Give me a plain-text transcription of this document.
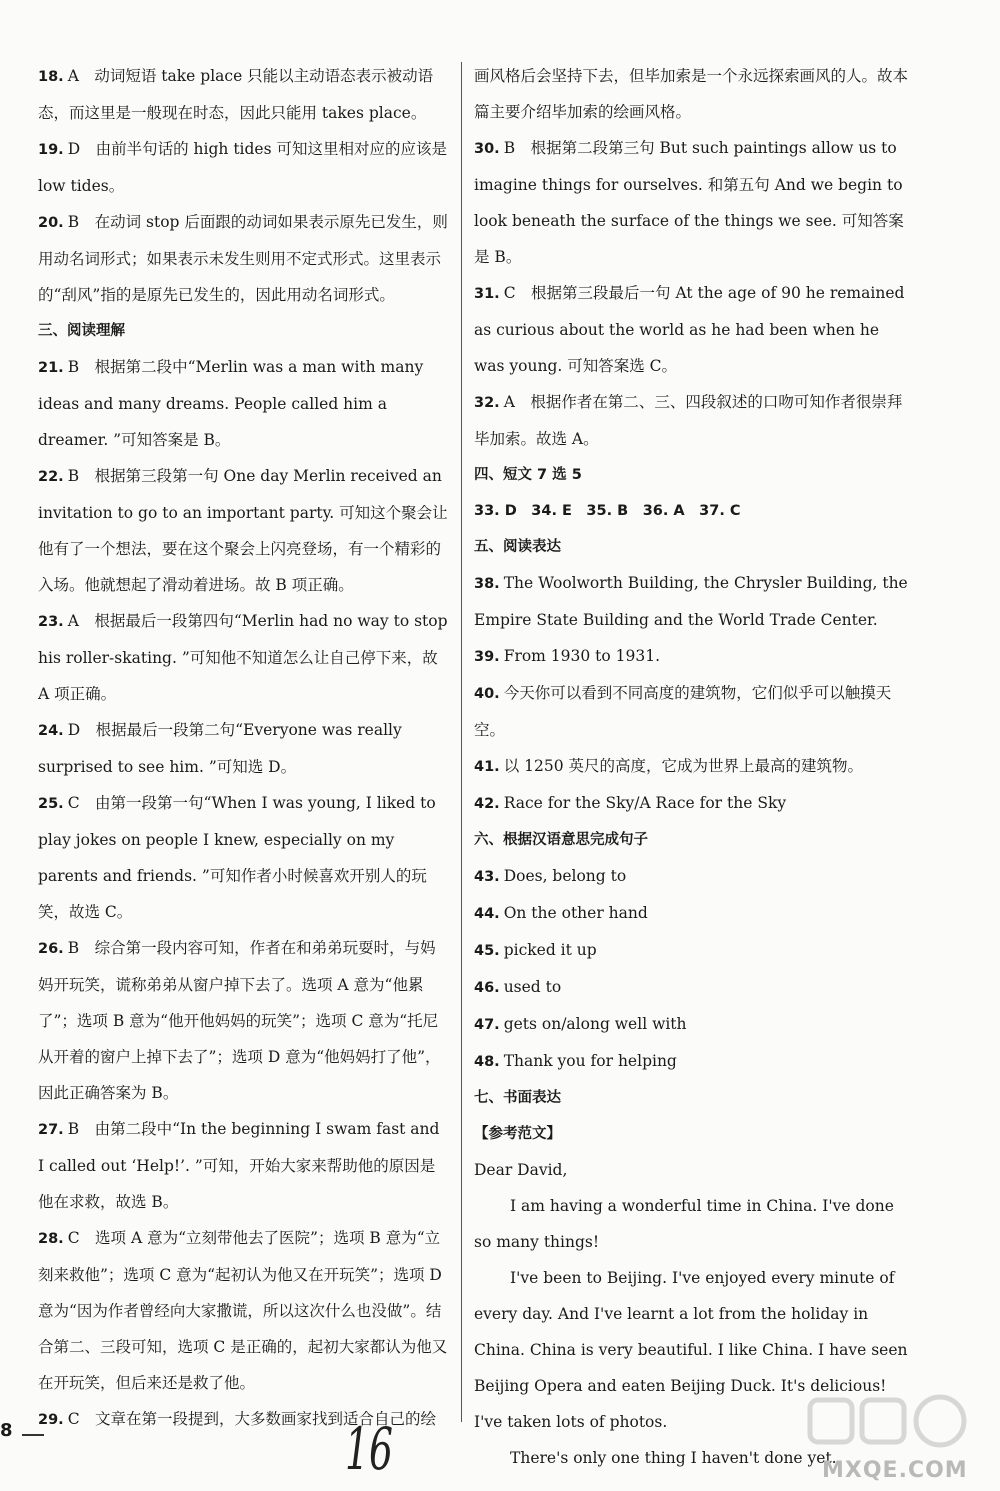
18. A　动词短语 take place 只能以主动语态表示被动语态，而这里是一般现在时态，因此只能用 takes place。

19. D　由前半句话的 high tides 可知这里相对应的应该是 low tides。

20. B　在动词 stop 后面跟的动词如果表示原先已发生，则用动名词形式；如果表示未发生则用不定式形式。这里表示的“刮风”指的是原先已发生的，因此用动名词形式。

三、阅读理解

21. B　根据第二段中“Merlin was a man with many ideas and many dreams. People called him a dreamer. ”可知答案是 B。

22. B　根据第三段第一句 One day Merlin received an invitation to go to an important party. 可知这个聚会让他有了一个想法，要在这个聚会上闪亮登场，有一个精彩的入场。他就想起了滑动着进场。故 B 项正确。

23. A　根据最后一段第四句“Merlin had no way to stop his roller-skating. ”可知他不知道怎么让自己停下来，故 A 项正确。

24. D　根据最后一段第二句“Everyone was really surprised to see him. ”可知选 D。

25. C　由第一段第一句“When I was young, I liked to play jokes on people I knew, especially on my parents and friends. ”可知作者小时候喜欢开别人的玩笑，故选 C。

26. B　综合第一段内容可知，作者在和弟弟玩耍时，与妈妈开玩笑，谎称弟弟从窗户掉下去了。选项 A 意为“他累了”；选项 B 意为“他开他妈妈的玩笑”；选项 C 意为“托尼从开着的窗户上掉下去了”；选项 D 意为“他妈妈打了他”，因此正确答案为 B。

27. B　由第二段中“In the beginning I swam fast and I called out ‘Help!’. ”可知，开始大家来帮助他的原因是他在求救，故选 B。

28. C　选项 A 意为“立刻带他去了医院”；选项 B 意为“立刻来救他”；选项 C 意为“起初认为他又在开玩笑”；选项 D 意为“因为作者曾经向大家撒谎，所以这次什么也没做”。结合第二、三段可知，选项 C 是正确的，起初大家都认为他又在开玩笑，但后来还是救了他。

29. C　文章在第一段提到，大多数画家找到适合自己的绘

画风格后会坚持下去，但毕加索是一个永远探索画风的人。故本篇主要介绍毕加索的绘画风格。

30. B　根据第二段第三句 But such paintings allow us to imagine things for ourselves. 和第五句 And we begin to look beneath the surface of the things we see. 可知答案是 B。

31. C　根据第三段最后一句 At the age of 90 he remained as curious about the world as he had been when he was young. 可知答案选 C。

32. A　根据作者在第二、三、四段叙述的口吻可知作者很崇拜毕加索。故选 A。

四、短文 7 选 5

33. D　34. E　35. B　36. A　37. C

五、阅读表达

38. The Woolworth Building, the Chrysler Building, the Empire State Building and the World Trade Center.

39. From 1930 to 1931.

40. 今天你可以看到不同高度的建筑物，它们似乎可以触摸天空。

41. 以 1250 英尺的高度，它成为世界上最高的建筑物。

42. Race for the Sky/A Race for the Sky

六、根据汉语意思完成句子

43. Does, belong to

44. On the other hand

45. picked it up

46. used to

47. gets on/along well with

48. Thank you for helping

七、书面表达

【参考范文】

Dear David,

I am having a wonderful time in China. I've done so many things!

I've been to Beijing. I've enjoyed every minute of every day. And I've learnt a lot from the holiday in China. China is very beautiful. I like China. I have seen Beijing Opera and eaten Beijing Duck. It's delicious! I've taken lots of photos.

There's only one thing I haven't done yet.

8	16	MXQE.COM
